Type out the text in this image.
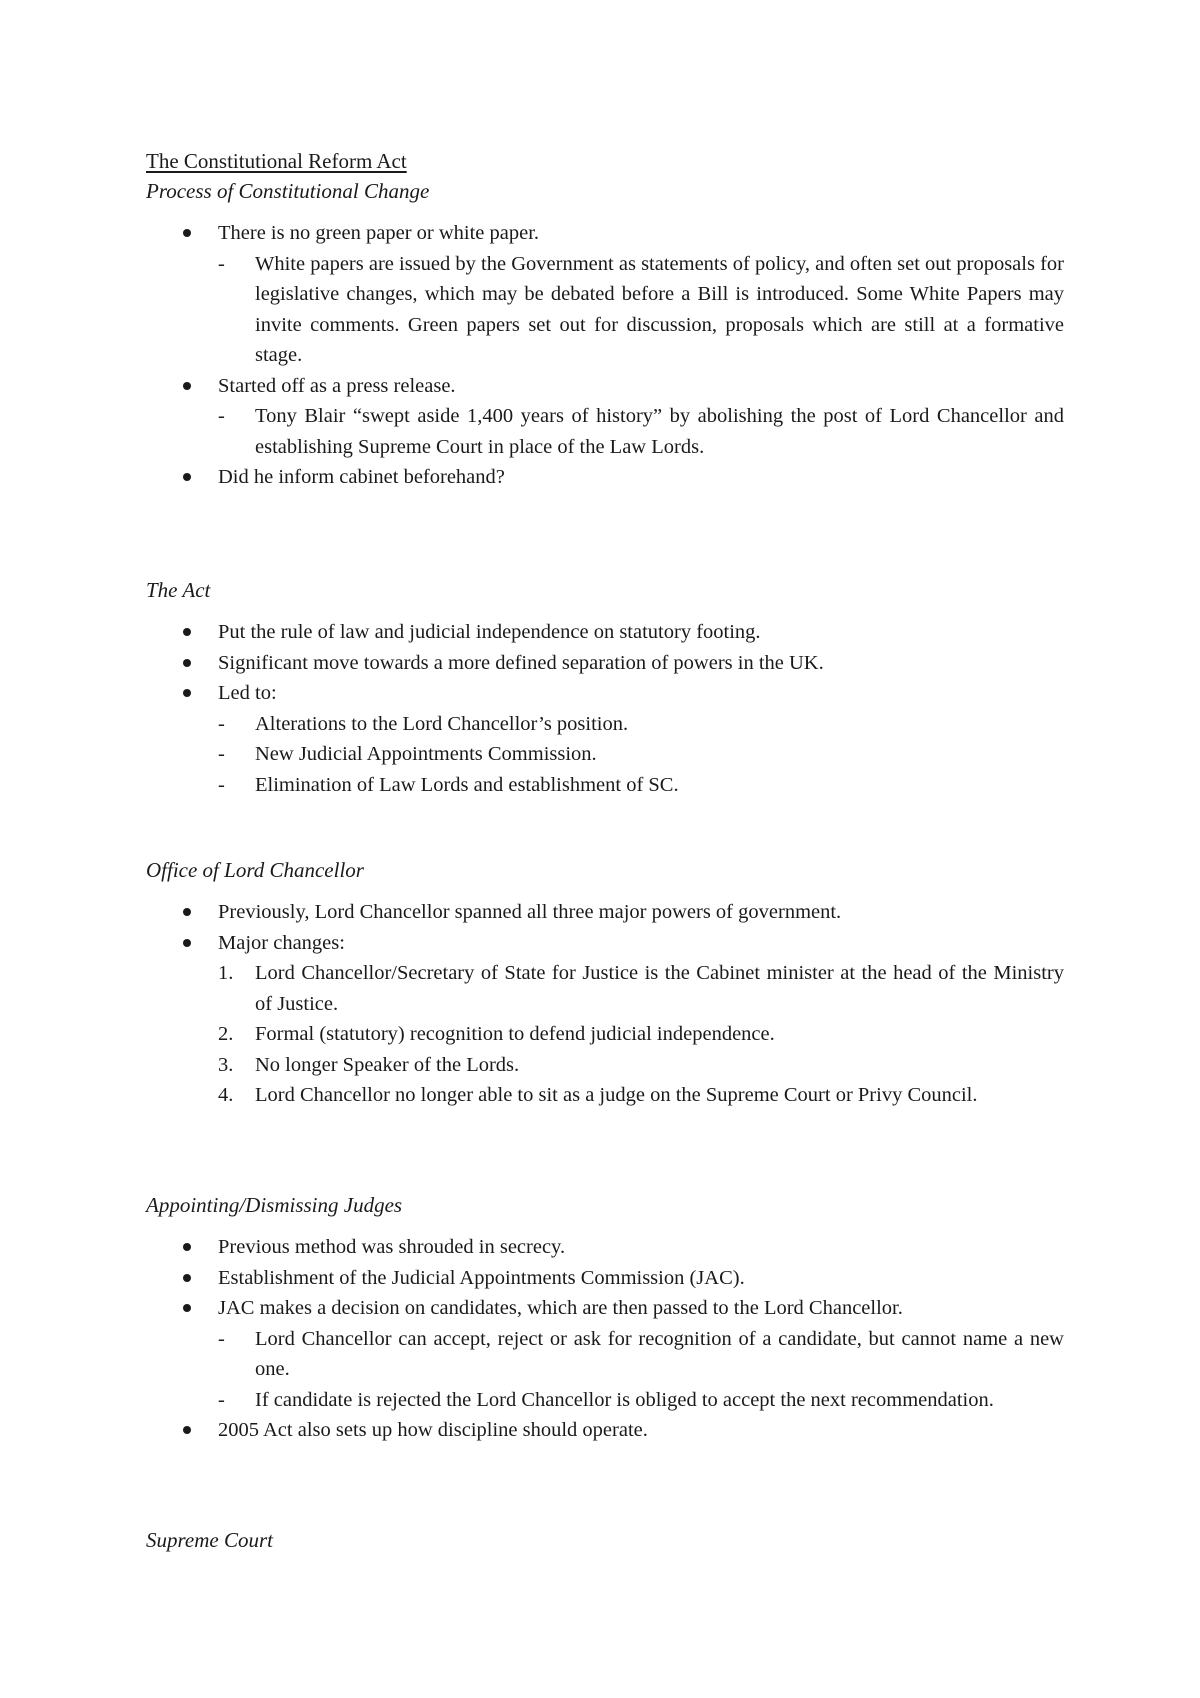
The Constitutional Reform Act
Process of Constitutional Change
There is no green paper or white paper.
- White papers are issued by the Government as statements of policy, and often set out proposals for legislative changes, which may be debated before a Bill is introduced. Some White Papers may invite comments. Green papers set out for discussion, proposals which are still at a formative stage.
Started off as a press release.
- Tony Blair “swept aside 1,400 years of history” by abolishing the post of Lord Chancellor and establishing Supreme Court in place of the Law Lords.
Did he inform cabinet beforehand?
The Act
Put the rule of law and judicial independence on statutory footing.
Significant move towards a more defined separation of powers in the UK.
Led to:
- Alterations to the Lord Chancellor’s position.
- New Judicial Appointments Commission.
- Elimination of Law Lords and establishment of SC.
Office of Lord Chancellor
Previously, Lord Chancellor spanned all three major powers of government.
Major changes:
1. Lord Chancellor/Secretary of State for Justice is the Cabinet minister at the head of the Ministry of Justice.
2. Formal (statutory) recognition to defend judicial independence.
3. No longer Speaker of the Lords.
4. Lord Chancellor no longer able to sit as a judge on the Supreme Court or Privy Council.
Appointing/Dismissing Judges
Previous method was shrouded in secrecy.
Establishment of the Judicial Appointments Commission (JAC).
JAC makes a decision on candidates, which are then passed to the Lord Chancellor.
- Lord Chancellor can accept, reject or ask for recognition of a candidate, but cannot name a new one.
- If candidate is rejected the Lord Chancellor is obliged to accept the next recommendation.
2005 Act also sets up how discipline should operate.
Supreme Court
